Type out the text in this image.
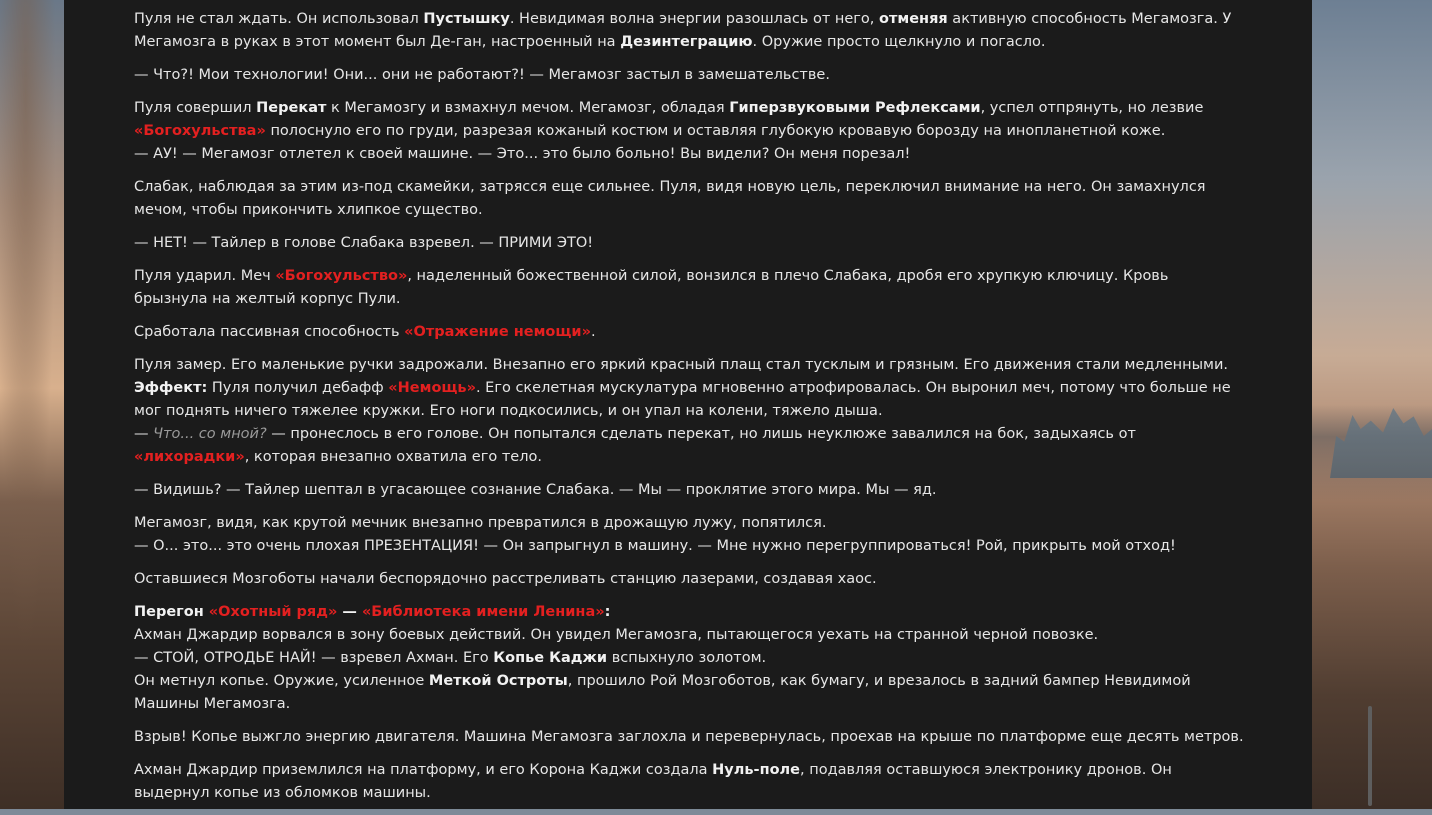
Пуля не стал ждать. Он использовал Пустышку. Невидимая волна энергии разошлась от него, отменяя активную способность Мегамозга. У Мегамозга в руках в этот момент был Де-ган, настроенный на Дезинтеграцию. Оружие просто щелкнуло и погасло.

— Что?! Мои технологии! Они... они не работают?! — Мегамозг застыл в замешательстве.

Пуля совершил Перекат к Мегамозгу и взмахнул мечом. Мегамозг, обладая Гиперзвуковыми Рефлексами, успел отпрянуть, но лезвие «Богохульства» полоснуло его по груди, разрезая кожаный костюм и оставляя глубокую кровавую борозду на инопланетной коже.
— АУ! — Мегамозг отлетел к своей машине. — Это... это было больно! Вы видели? Он меня порезал!

Слабак, наблюдая за этим из-под скамейки, затрясся еще сильнее. Пуля, видя новую цель, переключил внимание на него. Он замахнулся мечом, чтобы прикончить хлипкое существо.

— НЕТ! — Тайлер в голове Слабака взревел. — ПРИМИ ЭТО!

Пуля ударил. Меч «Богохульство», наделенный божественной силой, вонзился в плечо Слабака, дробя его хрупкую ключицу. Кровь брызнула на желтый корпус Пули.

Сработала пассивная способность «Отражение немощи».

Пуля замер. Его маленькие ручки задрожали. Внезапно его яркий красный плащ стал тусклым и грязным. Его движения стали медленными.
Эффект: Пуля получил дебафф «Немощь». Его скелетная мускулатура мгновенно атрофировалась. Он выронил меч, потому что больше не мог поднять ничего тяжелее кружки. Его ноги подкосились, и он упал на колени, тяжело дыша.
— Что... со мной? — пронеслось в его голове. Он попытался сделать перекат, но лишь неуклюже завалился на бок, задыхаясь от «лихорадки», которая внезапно охватила его тело.

— Видишь? — Тайлер шептал в угасающее сознание Слабака. — Мы — проклятие этого мира. Мы — яд.

Мегамозг, видя, как крутой мечник внезапно превратился в дрожащую лужу, попятился.
— О... это... это очень плохая ПРЕЗЕНТАЦИЯ! — Он запрыгнул в машину. — Мне нужно перегруппироваться! Рой, прикрыть мой отход!

Оставшиеся Мозгоботы начали беспорядочно расстреливать станцию лазерами, создавая хаос.

Перегон «Охотный ряд» — «Библиотека имени Ленина»:
Ахман Джардир ворвался в зону боевых действий. Он увидел Мегамозга, пытающегося уехать на странной черной повозке.
— СТОЙ, ОТРОДЬЕ НАЙ! — взревел Ахман. Его Копье Каджи вспыхнуло золотом.
Он метнул копье. Оружие, усиленное Меткой Остроты, прошило Рой Мозгоботов, как бумагу, и врезалось в задний бампер Невидимой Машины Мегамозга.

Взрыв! Копье выжгло энергию двигателя. Машина Мегамозга заглохла и перевернулась, проехав на крыше по платформе еще десять метров.

Ахман Джардир приземлился на платформу, и его Корона Каджи создала Нуль-поле, подавляя оставшуюся электронику дронов. Он выдернул копье из обломков машины.
